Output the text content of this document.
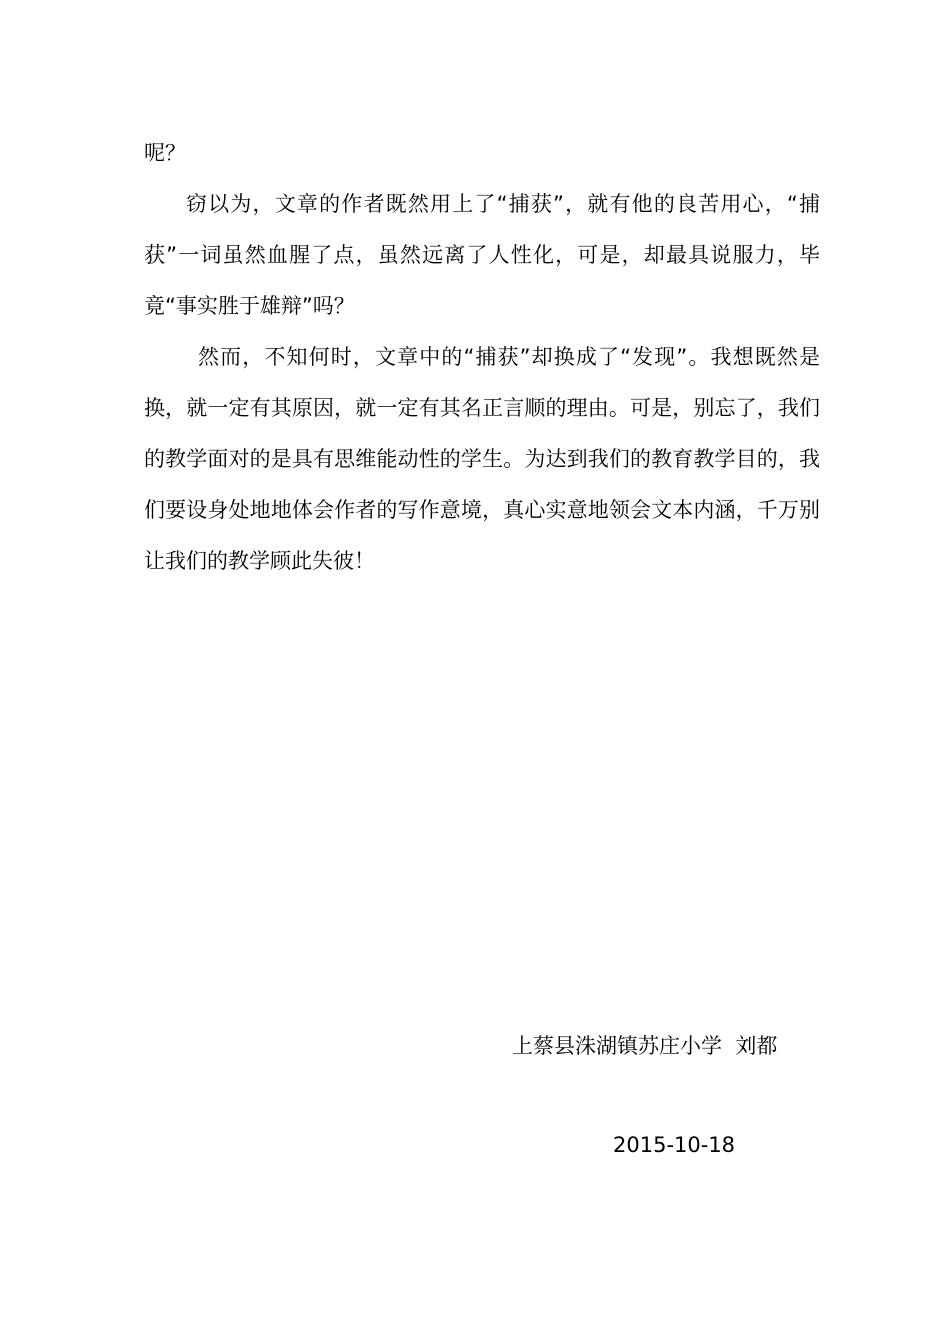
呢？

窃以为，文章的作者既然用上了“捕获”，就有他的良苦用心，“捕获”一词虽然血腥了点，虽然远离了人性化，可是，却最具说服力，毕竟“事实胜于雄辩”吗？

然而，不知何时，文章中的“捕获”却换成了“发现”。我想既然是换，就一定有其原因，就一定有其名正言顺的理由。可是，别忘了，我们的教学面对的是具有思维能动性的学生。为达到我们的教育教学目的，我们要设身处地地体会作者的写作意境，真心实意地领会文本内涵，千万别让我们的教学顾此失彼！

上蔡县洙湖镇苏庄小学  刘都
2015-10-18
